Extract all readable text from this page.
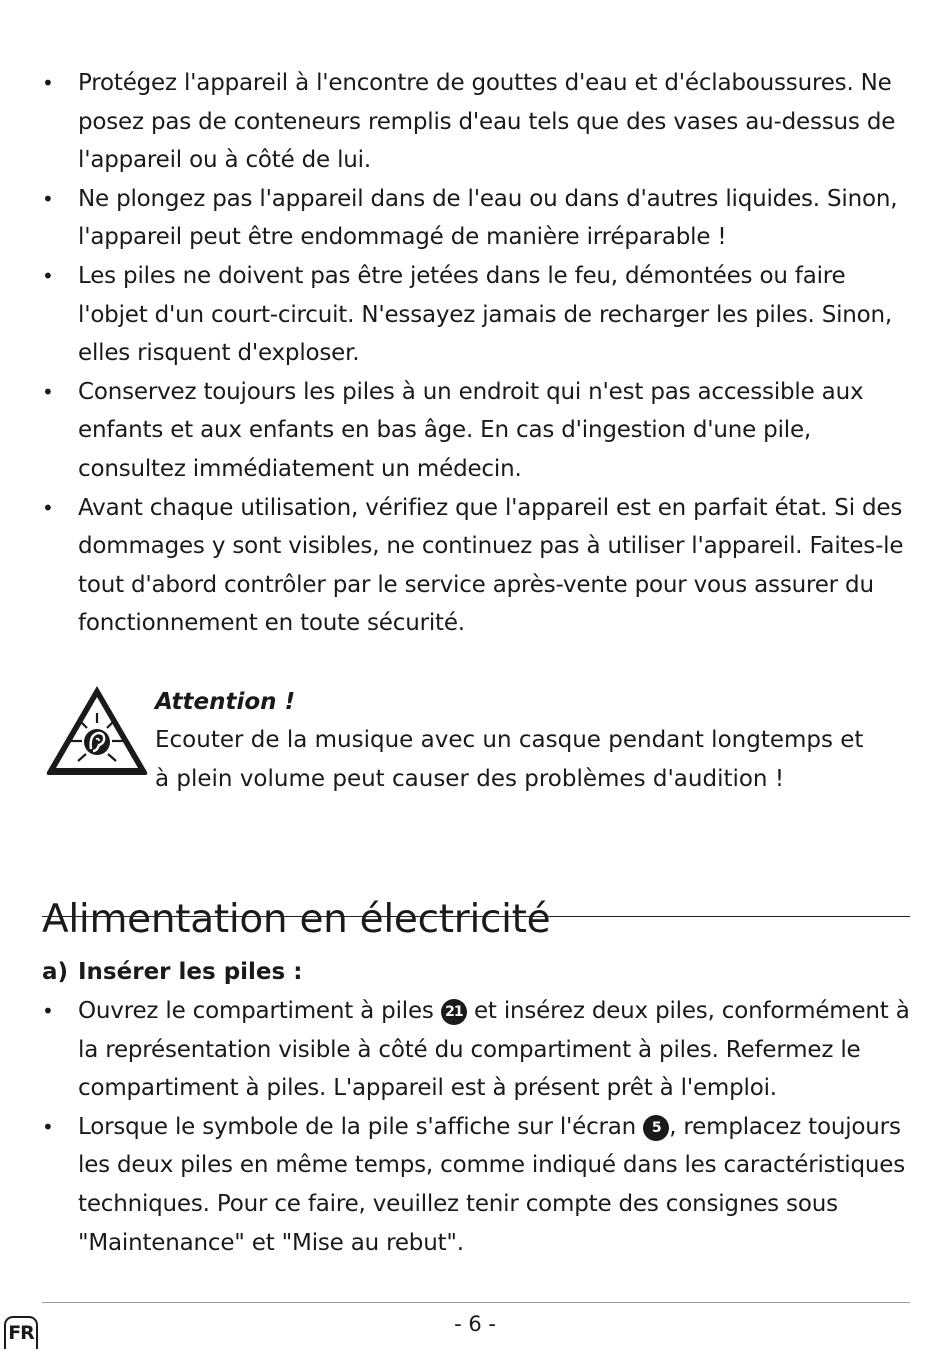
• Protégez l'appareil à l'encontre de gouttes d'eau et d'éclaboussures. Ne posez pas de conteneurs remplis d'eau tels que des vases au-dessus de l'appareil ou à côté de lui.
• Ne plongez pas l'appareil dans de l'eau ou dans d'autres liquides. Sinon, l'appareil peut être endommagé de manière irréparable !
• Les piles ne doivent pas être jetées dans le feu, démontées ou faire l'objet d'un court-circuit. N'essayez jamais de recharger les piles. Sinon, elles risquent d'exploser.
• Conservez toujours les piles à un endroit qui n'est pas accessible aux enfants et aux enfants en bas âge. En cas d'ingestion d'une pile, consultez immédiatement un médecin.
• Avant chaque utilisation, vérifiez que l'appareil est en parfait état. Si des dommages y sont visibles, ne continuez pas à utiliser l'appareil. Faites-le tout d'abord contrôler par le service après-vente pour vous assurer du fonctionnement en toute sécurité.
Attention !
Ecouter de la musique avec un casque pendant longtemps et à plein volume peut causer des problèmes d'audition !
Alimentation en électricité
a) Insérer les piles :
• Ouvrez le compartiment à piles 21 et insérez deux piles, conformément à la représentation visible à côté du compartiment à piles. Refermez le compartiment à piles. L'appareil est à présent prêt à l'emploi.
• Lorsque le symbole de la pile s'affiche sur l'écran 5 , remplacez toujours les deux piles en même temps, comme indiqué dans les caractéristiques techniques. Pour ce faire, veuillez tenir compte des consignes sous "Maintenance" et "Mise au rebut".
- 6 -
FR
